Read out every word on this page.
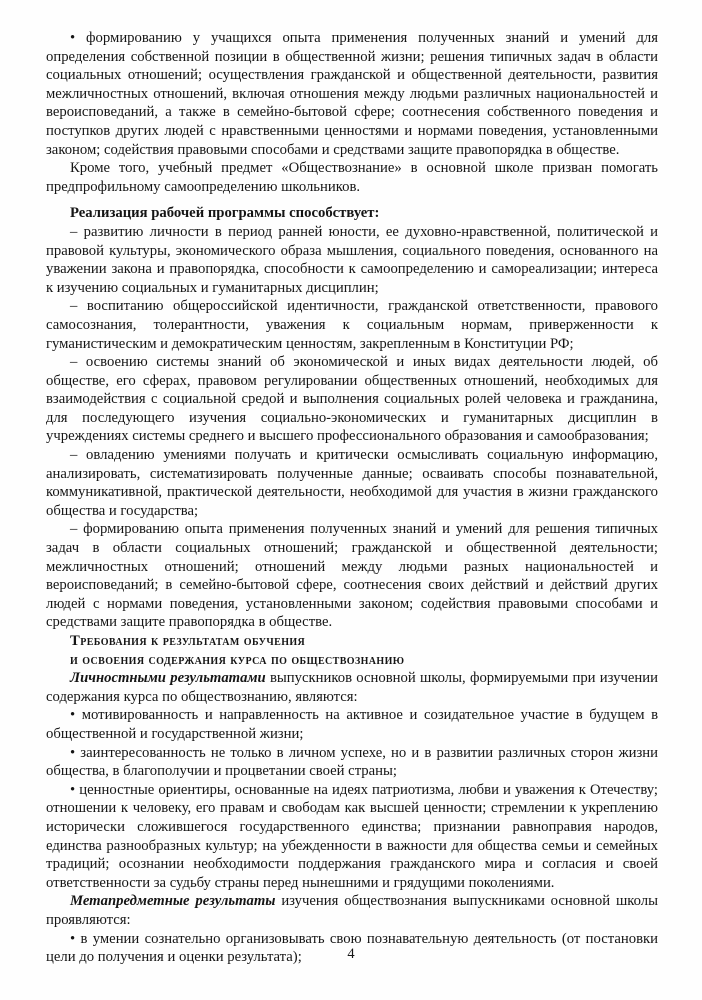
• формированию у учащихся опыта применения полученных знаний и умений для определения собственной позиции в общественной жизни; решения типичных задач в области социальных отношений; осуществления гражданской и общественной деятельности, развития межличностных отношений, включая отношения между людьми различных национальностей и вероисповеданий, а также в семейно-бытовой сфере; соотнесения собственного поведения и поступков других людей с нравственными ценностями и нормами поведения, установленными законом; содействия правовыми способами и средствами защите правопорядка в обществе.

Кроме того, учебный предмет «Обществознание» в основной школе призван помогать предпрофильному самоопределению школьников.

Реализация рабочей программы способствует:

– развитию личности в период ранней юности, ее духовно-нравственной, политической и правовой культуры, экономического образа мышления, социального поведения, основанного на уважении закона и правопорядка, способности к самоопределению и самореализации; интереса к изучению социальных и гуманитарных дисциплин;

– воспитанию общероссийской идентичности, гражданской ответственности, правового самосознания, толерантности, уважения к социальным нормам, приверженности к гуманистическим и демократическим ценностям, закрепленным в Конституции РФ;

– освоению системы знаний об экономической и иных видах деятельности людей, об обществе, его сферах, правовом регулировании общественных отношений, необходимых для взаимодействия с социальной средой и выполнения социальных ролей человека и гражданина, для последующего изучения социально-экономических и гуманитарных дисциплин в учреждениях системы среднего и высшего профессионального образования и самообразования;

– овладению умениями получать и критически осмысливать социальную информацию, анализировать, систематизировать полученные данные; осваивать способы познавательной, коммуникативной, практической деятельности, необходимой для участия в жизни гражданского общества и государства;

– формированию опыта применения полученных знаний и умений для решения типичных задач в области социальных отношений; гражданской и общественной деятельности; межличностных отношений; отношений между людьми разных национальностей и вероисповеданий; в семейно-бытовой сфере, соотнесения своих действий и действий других людей с нормами поведения, установленными законом; содействия правовыми способами и средствами защите правопорядка в обществе.

Требования к результатам обучения
и освоения содержания курса по обществознанию

Личностными результатами выпускников основной школы, формируемыми при изучении содержания курса по обществознанию, являются:

• мотивированность и направленность на активное и созидательное участие в будущем в общественной и государственной жизни;

• заинтересованность не только в личном успехе, но и в развитии различных сторон жизни общества, в благополучии и процветании своей страны;

• ценностные ориентиры, основанные на идеях патриотизма, любви и уважения к Отечеству; отношении к человеку, его правам и свободам как высшей ценности; стремлении к укреплению исторически сложившегося государственного единства; признании равноправия народов, единства разнообразных культур; на убежденности в важности для общества семьи и семейных традиций; осознании необходимости поддержания гражданского мира и согласия и своей ответственности за судьбу страны перед нынешними и грядущими поколениями.

Метапредметные результаты изучения обществознания выпускниками основной школы проявляются:

• в умении сознательно организовывать свою познавательную деятельность (от постановки цели до получения и оценки результата);	4
